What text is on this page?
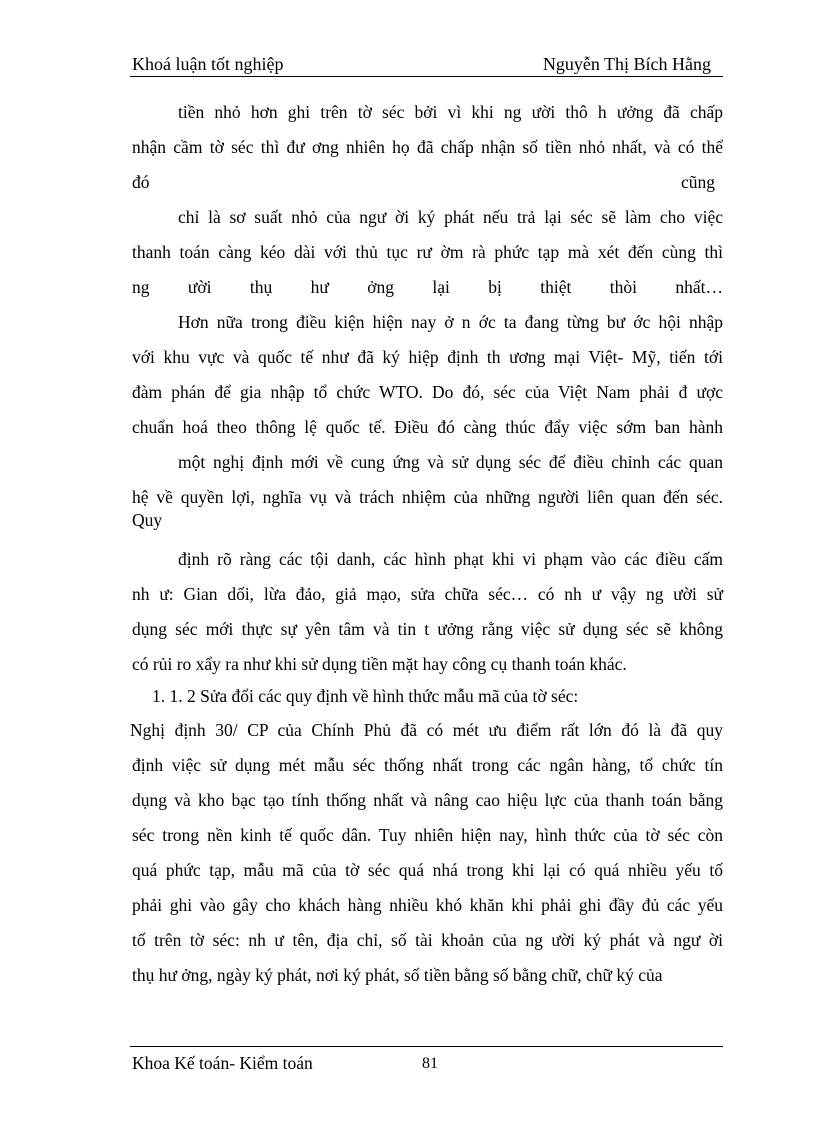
Khoá luận tốt nghiệp	Nguyễn Thị Bích Hằng
tiền nhỏ hơn ghi trên tờ séc bởi vì khi ng ười thô h ưởng đã chấp
nhận cầm tờ séc thì đư ơng nhiên họ đã chấp nhận số tiền nhỏ nhất, và có thể
đó	cũng
chỉ là sơ suất nhỏ của ngư ời ký phát nếu trả lại séc sẽ làm cho việc
thanh toán càng kéo dài với thủ tục rư ờm rà phức tạp mà xét đến cùng thì
ng ười thụ hư ởng lại bị thiệt thòi nhất…
Hơn nữa trong điều kiện hiện nay ở n ớc ta đang từng bư ớc hội nhập
với khu vực và quốc tế như đã ký hiệp định th ương mại Việt- Mỹ, tiến tới
đàm phán để gia nhập tổ chức WTO. Do đó, séc của Việt Nam phải đ ược
chuẩn hoá theo thông lệ quốc tế. Điều đó càng thúc đẩy việc sớm ban hành
một nghị định mới về cung ứng và sử dụng séc để điều chỉnh các quan
hệ về quyền lợi, nghĩa vụ và trách nhiệm của những người liên quan đến séc.
Quy
định rõ ràng các tội danh, các hình phạt khi vi phạm vào các điều cấm
nh ư: Gian dối, lừa đảo, giả mạo, sửa chữa séc… có nh ư vậy ng ười sử
dụng séc mới thực sự yên tâm và tin t ưởng rằng việc sử dụng séc sẽ không
có rủi ro xẩy ra như khi sử dụng tiền mặt hay công cụ thanh toán khác.
1. 1. 2 Sửa đổi các quy định về hình thức mẫu mã của tờ séc:
Nghị định 30/ CP của Chính Phủ đã có mét ưu điểm rất lớn đó là đã quy
định việc sử dụng mét mẫu séc thống nhất trong các ngân hàng, tổ chức tín
dụng và kho bạc tạo tính thống nhất và nâng cao hiệu lực của thanh toán bằng
séc trong nền kinh tế quốc dân. Tuy nhiên hiện nay, hình thức của tờ séc còn
quá phức tạp, mẫu mã của tờ séc quá nhá trong khi lại có quá nhiều yếu tố
phải ghi vào gây cho khách hàng nhiều khó khăn khi phải ghi đầy đủ các yếu
tố trên tờ séc: nh ư tên, địa chỉ, số tài khoản của ng ười ký phát và ngư ời
thụ hư ởng, ngày ký phát, nơi ký phát, số tiền bằng số bằng chữ, chữ ký của
Khoa Kế toán- Kiểm toán	81
